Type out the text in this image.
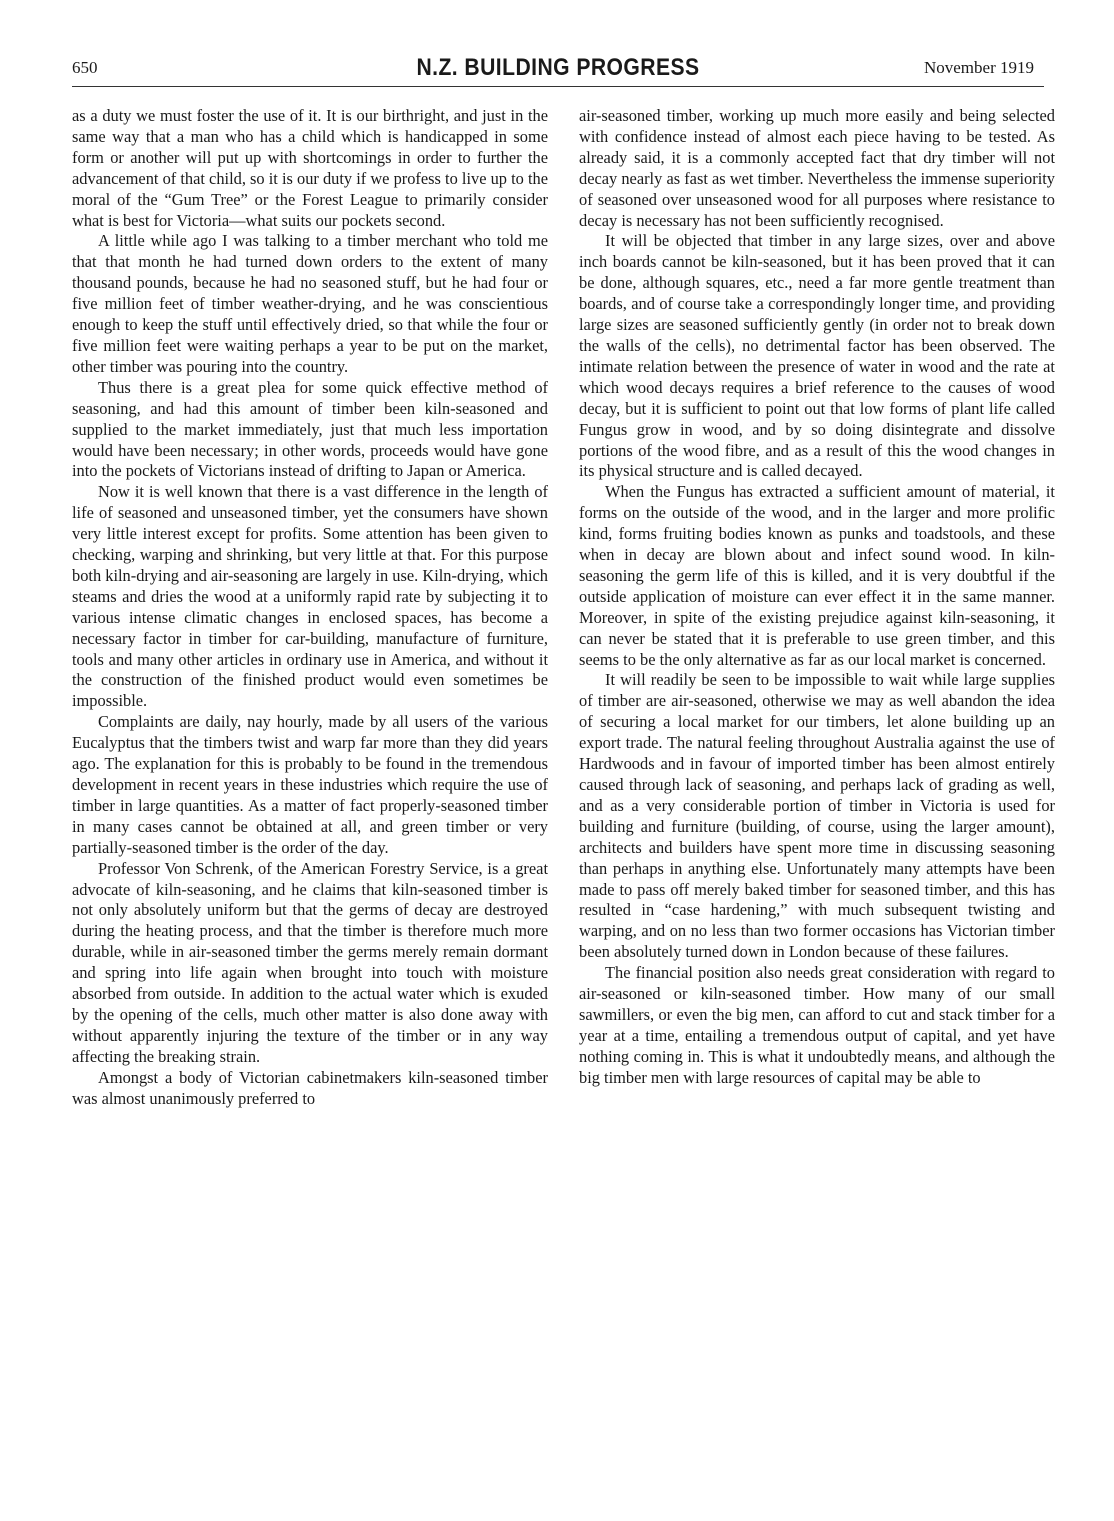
650	N.Z. BUILDING PROGRESS	November 1919

as a duty we must foster the use of it. It is our birthright, and just in the same way that a man who has a child which is handicapped in some form or another will put up with shortcomings in order to further the advancement of that child, so it is our duty if we profess to live up to the moral of the “Gum Tree” or the Forest League to primarily consider what is best for Victoria—what suits our pockets second.

A little while ago I was talking to a timber merchant who told me that that month he had turned down orders to the extent of many thousand pounds, because he had no seasoned stuff, but he had four or five million feet of timber weather-drying, and he was conscientious enough to keep the stuff until effectively dried, so that while the four or five million feet were waiting perhaps a year to be put on the market, other timber was pouring into the country.

Thus there is a great plea for some quick effective method of seasoning, and had this amount of timber been kiln-seasoned and supplied to the market immediately, just that much less importation would have been necessary; in other words, proceeds would have gone into the pockets of Victorians instead of drifting to Japan or America.

Now it is well known that there is a vast difference in the length of life of seasoned and unseasoned timber, yet the consumers have shown very little interest except for profits. Some attention has been given to checking, warping and shrinking, but very little at that. For this purpose both kiln-drying and air-seasoning are largely in use. Kiln-drying, which steams and dries the wood at a uniformly rapid rate by subjecting it to various intense climatic changes in enclosed spaces, has become a necessary factor in timber for car-building, manufacture of furniture, tools and many other articles in ordinary use in America, and without it the construction of the finished product would even sometimes be impossible.

Complaints are daily, nay hourly, made by all users of the various Eucalyptus that the timbers twist and warp far more than they did years ago. The explanation for this is probably to be found in the tremendous development in recent years in these industries which require the use of timber in large quantities. As a matter of fact properly-seasoned timber in many cases cannot be obtained at all, and green timber or very partially-seasoned timber is the order of the day.

Professor Von Schrenk, of the American Forestry Service, is a great advocate of kiln-seasoning, and he claims that kiln-seasoned timber is not only absolutely uniform but that the germs of decay are destroyed during the heating process, and that the timber is therefore much more durable, while in air-seasoned timber the germs merely remain dormant and spring into life again when brought into touch with moisture absorbed from outside. In addition to the actual water which is exuded by the opening of the cells, much other matter is also done away with without apparently injuring the texture of the timber or in any way affecting the breaking strain.

Amongst a body of Victorian cabinetmakers kiln-seasoned timber was almost unanimously preferred to

air-seasoned timber, working up much more easily and being selected with confidence instead of almost each piece having to be tested. As already said, it is a commonly accepted fact that dry timber will not decay nearly as fast as wet timber. Nevertheless the immense superiority of seasoned over unseasoned wood for all purposes where resistance to decay is necessary has not been sufficiently recognised.

It will be objected that timber in any large sizes, over and above inch boards cannot be kiln-seasoned, but it has been proved that it can be done, although squares, etc., need a far more gentle treatment than boards, and of course take a correspondingly longer time, and providing large sizes are seasoned sufficiently gently (in order not to break down the walls of the cells), no detrimental factor has been observed. The intimate relation between the presence of water in wood and the rate at which wood decays requires a brief reference to the causes of wood decay, but it is sufficient to point out that low forms of plant life called Fungus grow in wood, and by so doing disintegrate and dissolve portions of the wood fibre, and as a result of this the wood changes in its physical structure and is called decayed.

When the Fungus has extracted a sufficient amount of material, it forms on the outside of the wood, and in the larger and more prolific kind, forms fruiting bodies known as punks and toadstools, and these when in decay are blown about and infect sound wood. In kiln-seasoning the germ life of this is killed, and it is very doubtful if the outside application of moisture can ever effect it in the same manner. Moreover, in spite of the existing prejudice against kiln-seasoning, it can never be stated that it is preferable to use green timber, and this seems to be the only alternative as far as our local market is concerned.

It will readily be seen to be impossible to wait while large supplies of timber are air-seasoned, otherwise we may as well abandon the idea of securing a local market for our timbers, let alone building up an export trade. The natural feeling throughout Australia against the use of Hardwoods and in favour of imported timber has been almost entirely caused through lack of seasoning, and perhaps lack of grading as well, and as a very considerable portion of timber in Victoria is used for building and furniture (building, of course, using the larger amount), architects and builders have spent more time in discussing seasoning than perhaps in anything else. Unfortunately many attempts have been made to pass off merely baked timber for seasoned timber, and this has resulted in “case hardening,” with much subsequent twisting and warping, and on no less than two former occasions has Victorian timber been absolutely turned down in London because of these failures.

The financial position also needs great consideration with regard to air-seasoned or kiln-seasoned timber. How many of our small sawmillers, or even the big men, can afford to cut and stack timber for a year at a time, entailing a tremendous output of capital, and yet have nothing coming in. This is what it undoubtedly means, and although the big timber men with large resources of capital may be able to
